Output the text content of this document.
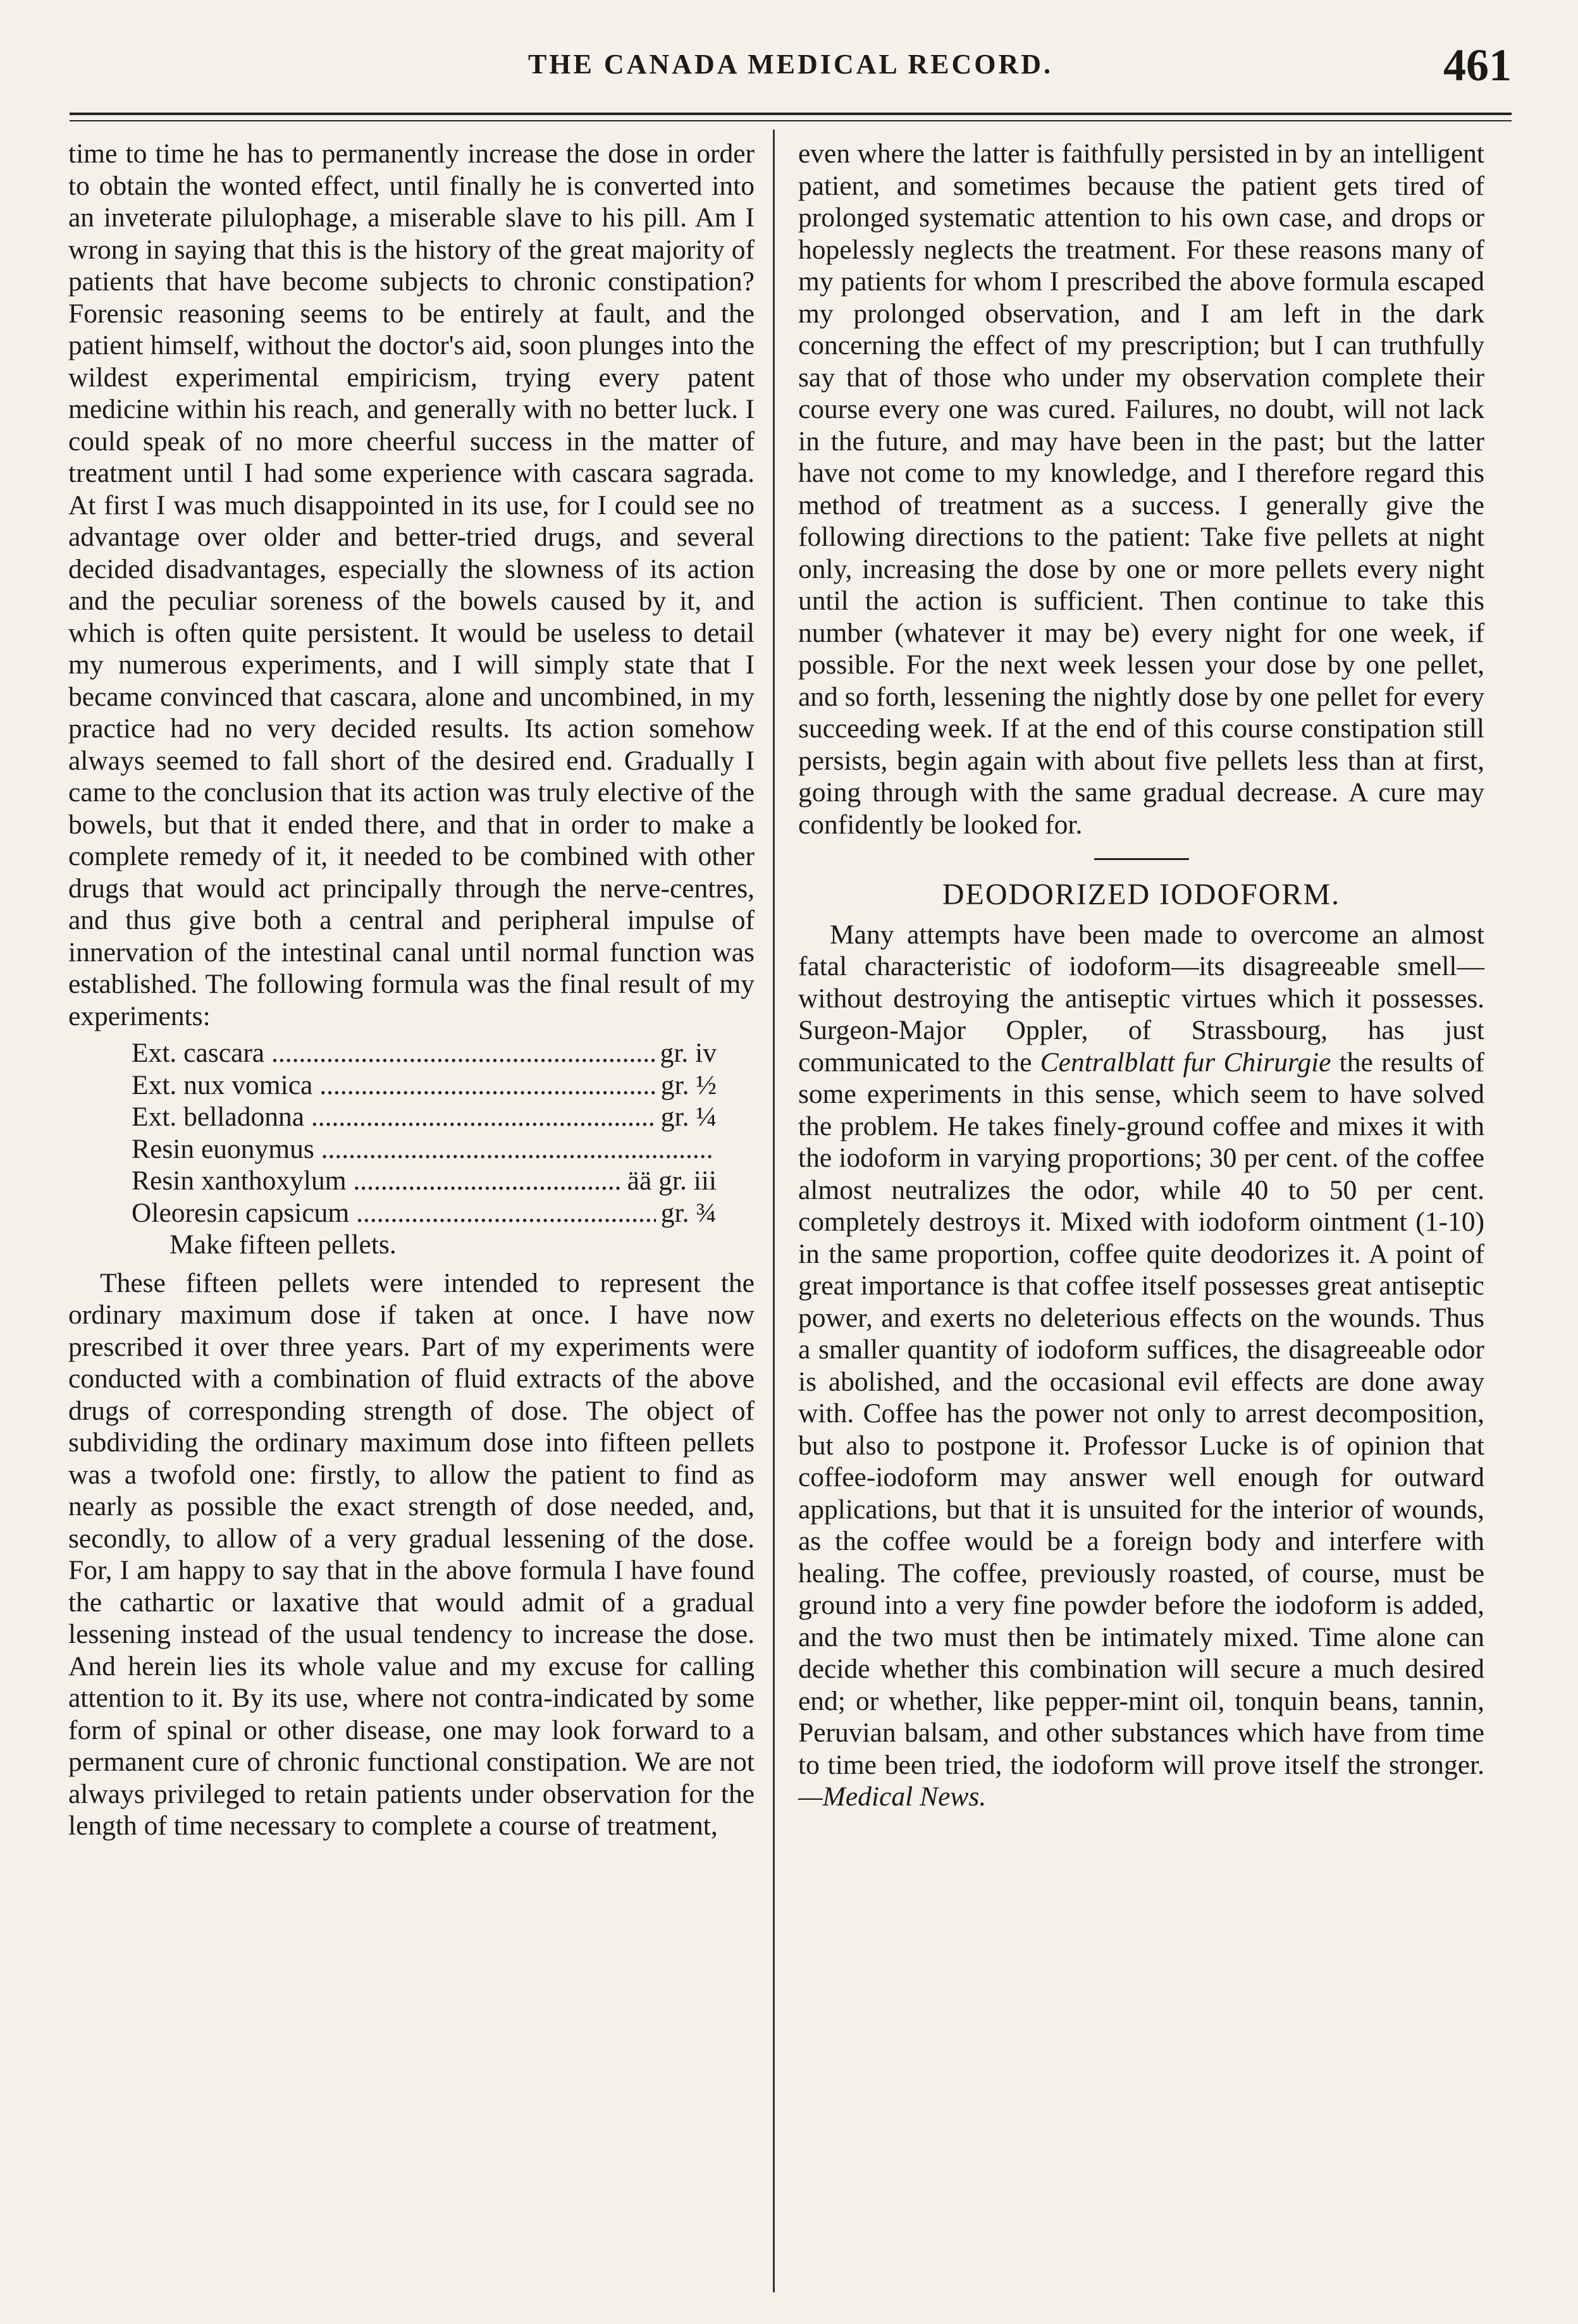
THE CANADA MEDICAL RECORD.	461

time to time he has to permanently increase the dose in order to obtain the wonted effect, until finally he is converted into an inveterate pilulophage, a miserable slave to his pill. Am I wrong in saying that this is the history of the great majority of patients that have become subjects to chronic constipation? Forensic reasoning seems to be entirely at fault, and the patient himself, without the doctor's aid, soon plunges into the wildest experimental empiricism, trying every patent medicine within his reach, and generally with no better luck. I could speak of no more cheerful success in the matter of treatment until I had some experience with cascara sagrada. At first I was much disappointed in its use, for I could see no advantage over older and better-tried drugs, and several decided disadvantages, especially the slowness of its action and the peculiar soreness of the bowels caused by it, and which is often quite persistent. It would be useless to detail my numerous experiments, and I will simply state that I became convinced that cascara, alone and uncombined, in my practice had no very decided results. Its action somehow always seemed to fall short of the desired end. Gradually I came to the conclusion that its action was truly elective of the bowels, but that it ended there, and that in order to make a complete remedy of it, it needed to be combined with other drugs that would act principally through the nerve-centres, and thus give both a central and peripheral impulse of innervation of the intestinal canal until normal function was established. The following formula was the final result of my experiments:

Ext. cascara .....	gr. iv
Ext. nux vomica .....	gr. ½
Ext. belladonna .....	gr. ¼
Resin euonymus .....
Resin xanthoxylum .....	ää gr. iii
Oleoresin capsicum .....	gr. ¾
Make fifteen pellets.

These fifteen pellets were intended to represent the ordinary maximum dose if taken at once. I have now prescribed it over three years. Part of my experiments were conducted with a combination of fluid extracts of the above drugs of corresponding strength of dose. The object of subdividing the ordinary maximum dose into fifteen pellets was a twofold one: firstly, to allow the patient to find as nearly as possible the exact strength of dose needed, and, secondly, to allow of a very gradual lessening of the dose. For, I am happy to say that in the above formula I have found the cathartic or laxative that would admit of a gradual lessening instead of the usual tendency to increase the dose. And herein lies its whole value and my excuse for calling attention to it. By its use, where not contra-indicated by some form of spinal or other disease, one may look forward to a permanent cure of chronic functional constipation. We are not always privileged to retain patients under observation for the length of time necessary to complete a course of treatment,

even where the latter is faithfully persisted in by an intelligent patient, and sometimes because the patient gets tired of prolonged systematic attention to his own case, and drops or hopelessly neglects the treatment. For these reasons many of my patients for whom I prescribed the above formula escaped my prolonged observation, and I am left in the dark concerning the effect of my prescription; but I can truthfully say that of those who under my observation complete their course every one was cured. Failures, no doubt, will not lack in the future, and may have been in the past; but the latter have not come to my knowledge, and I therefore regard this method of treatment as a success. I generally give the following directions to the patient: Take five pellets at night only, increasing the dose by one or more pellets every night until the action is sufficient. Then continue to take this number (whatever it may be) every night for one week, if possible. For the next week lessen your dose by one pellet, and so forth, lessening the nightly dose by one pellet for every succeeding week. If at the end of this course constipation still persists, begin again with about five pellets less than at first, going through with the same gradual decrease. A cure may confidently be looked for.

DEODORIZED IODOFORM.

Many attempts have been made to overcome an almost fatal characteristic of iodoform—its disagreeable smell—without destroying the antiseptic virtues which it possesses. Surgeon-Major Oppler, of Strassbourg, has just communicated to the Centralblatt fur Chirurgie the results of some experiments in this sense, which seem to have solved the problem. He takes finely-ground coffee and mixes it with the iodoform in varying proportions; 30 per cent. of the coffee almost neutralizes the odor, while 40 to 50 per cent. completely destroys it. Mixed with iodoform ointment (1-10) in the same proportion, coffee quite deodorizes it. A point of great importance is that coffee itself possesses great antiseptic power, and exerts no deleterious effects on the wounds. Thus a smaller quantity of iodoform suffices, the disagreeable odor is abolished, and the occasional evil effects are done away with. Coffee has the power not only to arrest decomposition, but also to postpone it. Professor Lucke is of opinion that coffee-iodoform may answer well enough for outward applications, but that it is unsuited for the interior of wounds, as the coffee would be a foreign body and interfere with healing. The coffee, previously roasted, of course, must be ground into a very fine powder before the iodoform is added, and the two must then be intimately mixed. Time alone can decide whether this combination will secure a much desired end; or whether, like pepper-mint oil, tonquin beans, tannin, Peruvian balsam, and other substances which have from time to time been tried, the iodoform will prove itself the stronger.—Medical News.
